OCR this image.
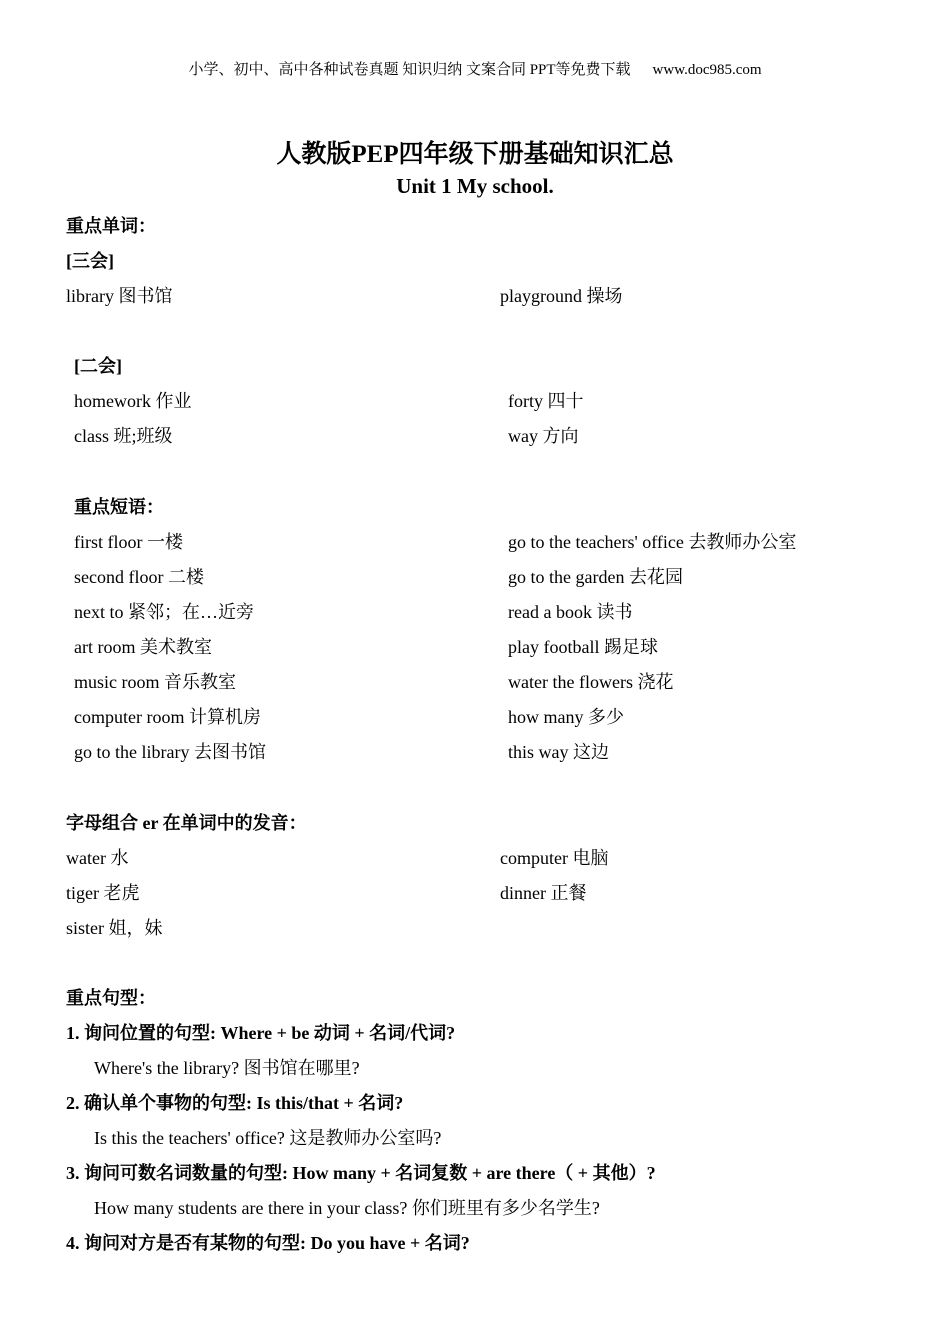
小学、初中、高中各种试卷真题 知识归纳 文案合同 PPT等免费下载 www.doc985.com
人教版PEP四年级下册基础知识汇总
Unit 1 My school.
重点单词：
[三会]
library 图书馆	playground 操场
[二会]
homework 作业	forty 四十
class 班;班级	way 方向
重点短语：
first floor 一楼	go to the teachers' office 去教师办公室
second floor 二楼	go to the garden 去花园
next to 紧邻；在…近旁	read a book 读书
art room 美术教室	play football 踢足球
music room 音乐教室	water the flowers 浇花
computer room 计算机房	how many 多少
go to the library 去图书馆	this way 这边
字母组合 er 在单词中的发音：
water 水	computer 电脑
tiger 老虎	dinner 正餐
sister 姐，妹
重点句型：
1. 询问位置的句型: Where + be 动词 + 名词/代词?
Where's the library? 图书馆在哪里?
2. 确认单个事物的句型: Is this/that + 名词?
Is this the teachers' office? 这是教师办公室吗?
3. 询问可数名词数量的句型: How many + 名词复数 + are there（ + 其他）?
How many students are there in your class? 你们班里有多少名学生?
4. 询问对方是否有某物的句型: Do you have + 名词?
